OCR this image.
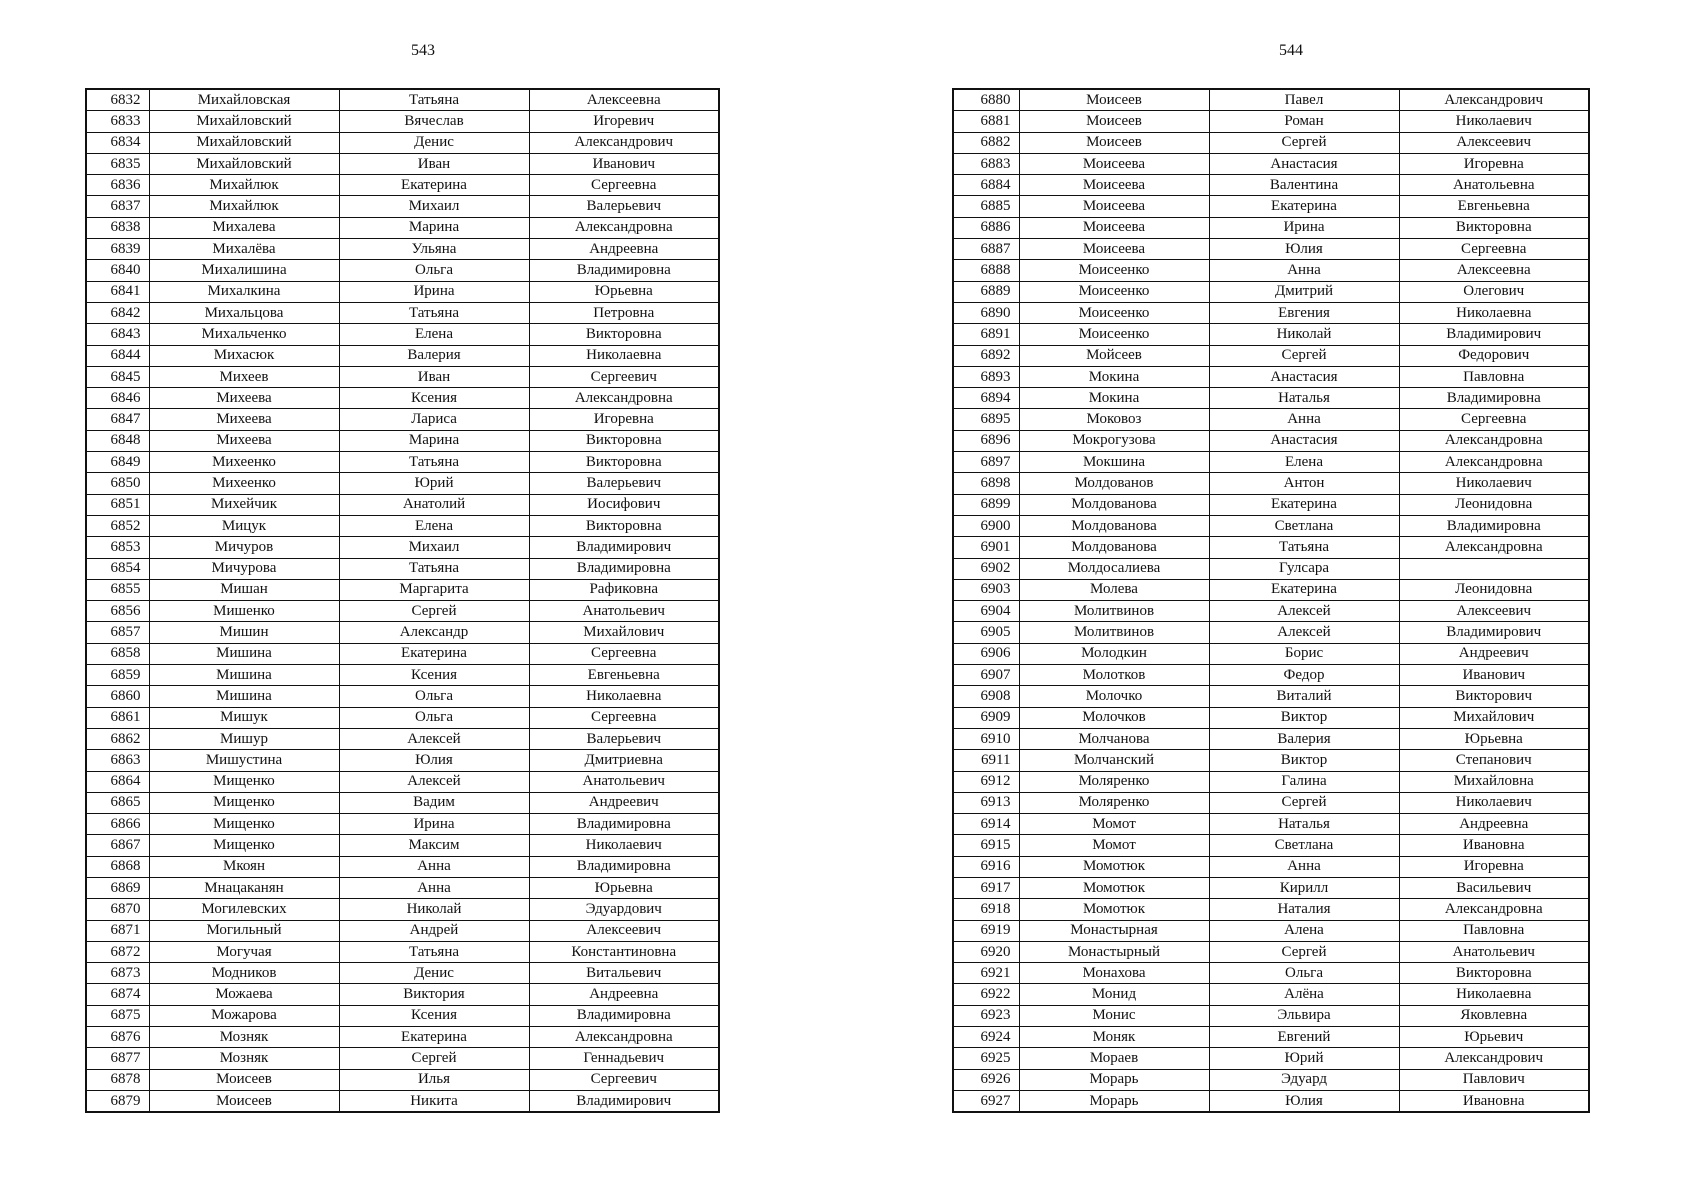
543	544
6832	Михайловская	Татьяна	Алексеевна
6833	Михайловский	Вячеслав	Игоревич
6834	Михайловский	Денис	Александрович
6835	Михайловский	Иван	Иванович
6836	Михайлюк	Екатерина	Сергеевна
6837	Михайлюк	Михаил	Валерьевич
6838	Михалева	Марина	Александровна
6839	Михалёва	Ульяна	Андреевна
6840	Михалишина	Ольга	Владимировна
6841	Михалкина	Ирина	Юрьевна
6842	Михальцова	Татьяна	Петровна
6843	Михальченко	Елена	Викторовна
6844	Михасюк	Валерия	Николаевна
6845	Михеев	Иван	Сергеевич
6846	Михеева	Ксения	Александровна
6847	Михеева	Лариса	Игоревна
6848	Михеева	Марина	Викторовна
6849	Михеенко	Татьяна	Викторовна
6850	Михеенко	Юрий	Валерьевич
6851	Михейчик	Анатолий	Иосифович
6852	Мицук	Елена	Викторовна
6853	Мичуров	Михаил	Владимирович
6854	Мичурова	Татьяна	Владимировна
6855	Мишан	Маргарита	Рафиковна
6856	Мишенко	Сергей	Анатольевич
6857	Мишин	Александр	Михайлович
6858	Мишина	Екатерина	Сергеевна
6859	Мишина	Ксения	Евгеньевна
6860	Мишина	Ольга	Николаевна
6861	Мишук	Ольга	Сергеевна
6862	Мишур	Алексей	Валерьевич
6863	Мишустина	Юлия	Дмитриевна
6864	Мищенко	Алексей	Анатольевич
6865	Мищенко	Вадим	Андреевич
6866	Мищенко	Ирина	Владимировна
6867	Мищенко	Максим	Николаевич
6868	Мкоян	Анна	Владимировна
6869	Мнацаканян	Анна	Юрьевна
6870	Могилевских	Николай	Эдуардович
6871	Могильный	Андрей	Алексеевич
6872	Могучая	Татьяна	Константиновна
6873	Модников	Денис	Витальевич
6874	Можаева	Виктория	Андреевна
6875	Можарова	Ксения	Владимировна
6876	Мозняк	Екатерина	Александровна
6877	Мозняк	Сергей	Геннадьевич
6878	Моисеев	Илья	Сергеевич
6879	Моисеев	Никита	Владимирович
6880	Моисеев	Павел	Александрович
6881	Моисеев	Роман	Николаевич
6882	Моисеев	Сергей	Алексеевич
6883	Моисеева	Анастасия	Игоревна
6884	Моисеева	Валентина	Анатольевна
6885	Моисеева	Екатерина	Евгеньевна
6886	Моисеева	Ирина	Викторовна
6887	Моисеева	Юлия	Сергеевна
6888	Моисеенко	Анна	Алексеевна
6889	Моисеенко	Дмитрий	Олегович
6890	Моисеенко	Евгения	Николаевна
6891	Моисеенко	Николай	Владимирович
6892	Мойсеев	Сергей	Федорович
6893	Мокина	Анастасия	Павловна
6894	Мокина	Наталья	Владимировна
6895	Моковоз	Анна	Сергеевна
6896	Мокрогузова	Анастасия	Александровна
6897	Мокшина	Елена	Александровна
6898	Молдованов	Антон	Николаевич
6899	Молдованова	Екатерина	Леонидовна
6900	Молдованова	Светлана	Владимировна
6901	Молдованова	Татьяна	Александровна
6902	Молдосалиева	Гулсара	
6903	Молева	Екатерина	Леонидовна
6904	Молитвинов	Алексей	Алексеевич
6905	Молитвинов	Алексей	Владимирович
6906	Молодкин	Борис	Андреевич
6907	Молотков	Федор	Иванович
6908	Молочко	Виталий	Викторович
6909	Молочков	Виктор	Михайлович
6910	Молчанова	Валерия	Юрьевна
6911	Молчанский	Виктор	Степанович
6912	Моляренко	Галина	Михайловна
6913	Моляренко	Сергей	Николаевич
6914	Момот	Наталья	Андреевна
6915	Момот	Светлана	Ивановна
6916	Момотюк	Анна	Игоревна
6917	Момотюк	Кирилл	Васильевич
6918	Момотюк	Наталия	Александровна
6919	Монастырная	Алена	Павловна
6920	Монастырный	Сергей	Анатольевич
6921	Монахова	Ольга	Викторовна
6922	Монид	Алёна	Николаевна
6923	Монис	Эльвира	Яковлевна
6924	Моняк	Евгений	Юрьевич
6925	Мораев	Юрий	Александрович
6926	Морарь	Эдуард	Павлович
6927	Морарь	Юлия	Ивановна
